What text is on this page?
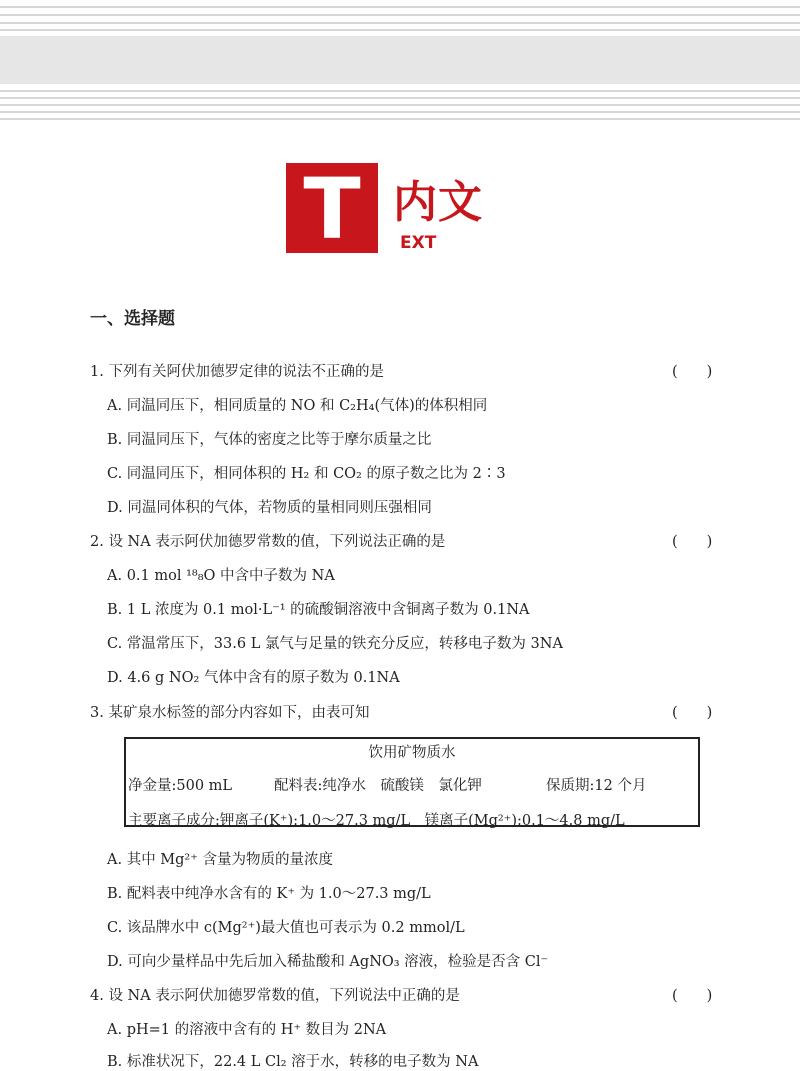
T 内文
EXT
一、选择题
1. 下列有关阿伏加德罗定律的说法不正确的是	(　　)
A. 同温同压下，相同质量的 NO 和 C₂H₄(气体)的体积相同
B. 同温同压下，气体的密度之比等于摩尔质量之比
C. 同温同压下，相同体积的 H₂ 和 CO₂ 的原子数之比为 2∶3
D. 同温同体积的气体，若物质的量相同则压强相同
2. 设 NA 表示阿伏加德罗常数的值，下列说法正确的是	(　　)
A. 0.1 mol ¹⁸₈O 中含中子数为 NA
B. 1 L 浓度为 0.1 mol·L⁻¹ 的硫酸铜溶液中含铜离子数为 0.1NA
C. 常温常压下，33.6 L 氯气与足量的铁充分反应，转移电子数为 3NA
D. 4.6 g NO₂ 气体中含有的原子数为 0.1NA
3. 某矿泉水标签的部分内容如下，由表可知	(　　)
饮用矿物质水
净金量:500 mL	配料表:纯净水　硫酸镁　氯化钾	保质期:12 个月
主要离子成分:钾离子(K⁺):1.0～27.3 mg/L　镁离子(Mg²⁺):0.1～4.8 mg/L
A. 其中 Mg²⁺ 含量为物质的量浓度
B. 配料表中纯净水含有的 K⁺ 为 1.0～27.3 mg/L
C. 该品牌水中 c(Mg²⁺)最大值也可表示为 0.2 mmol/L
D. 可向少量样品中先后加入稀盐酸和 AgNO₃ 溶液，检验是否含 Cl⁻
4. 设 NA 表示阿伏加德罗常数的值，下列说法中正确的是	(　　)
A. pH=1 的溶液中含有的 H⁺ 数目为 2NA
B. 标准状况下，22.4 L Cl₂ 溶于水，转移的电子数为 NA
